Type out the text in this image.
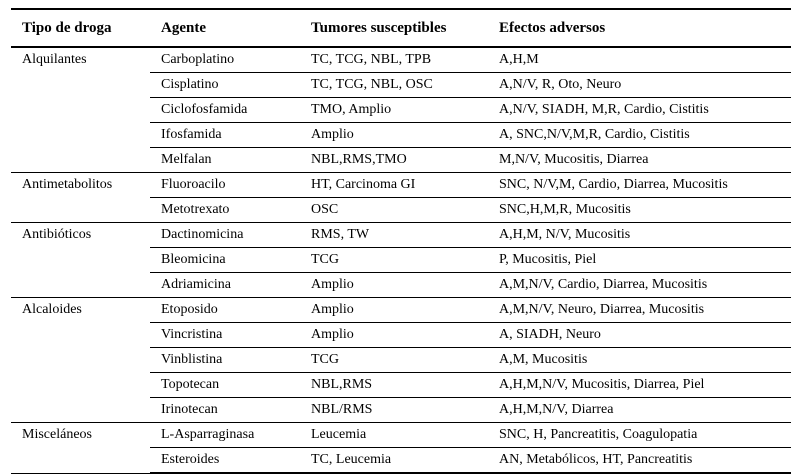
Tipo de droga	Agente	Tumores susceptibles	Efectos adversos
Alquilantes	Carboplatino	TC, TCG, NBL, TPB	A,H,M
	Cisplatino	TC, TCG, NBL, OSC	A,N/V, R, Oto, Neuro
	Ciclofosfamida	TMO, Amplio	A,N/V, SIADH, M,R, Cardio, Cistitis
	Ifosfamida	Amplio	A, SNC,N/V,M,R, Cardio, Cistitis
	Melfalan	NBL,RMS,TMO	M,N/V, Mucositis, Diarrea
Antimetabolitos	Fluoroacilo	HT, Carcinoma GI	SNC, N/V,M, Cardio, Diarrea, Mucositis
	Metotrexato	OSC	SNC,H,M,R, Mucositis
Antibióticos	Dactinomicina	RMS, TW	A,H,M, N/V, Mucositis
	Bleomicina	TCG	P, Mucositis, Piel
	Adriamicina	Amplio	A,M,N/V, Cardio, Diarrea, Mucositis
Alcaloides	Etoposido	Amplio	A,M,N/V, Neuro, Diarrea, Mucositis
	Vincristina	Amplio	A, SIADH, Neuro
	Vinblistina	TCG	A,M, Mucositis
	Topotecan	NBL,RMS	A,H,M,N/V, Mucositis, Diarrea, Piel
	Irinotecan	NBL/RMS	A,H,M,N/V, Diarrea
Misceláneos	L-Asparraginasa	Leucemia	SNC, H, Pancreatitis, Coagulopatia
	Esteroides	TC, Leucemia	AN, Metabólicos, HT, Pancreatitis
